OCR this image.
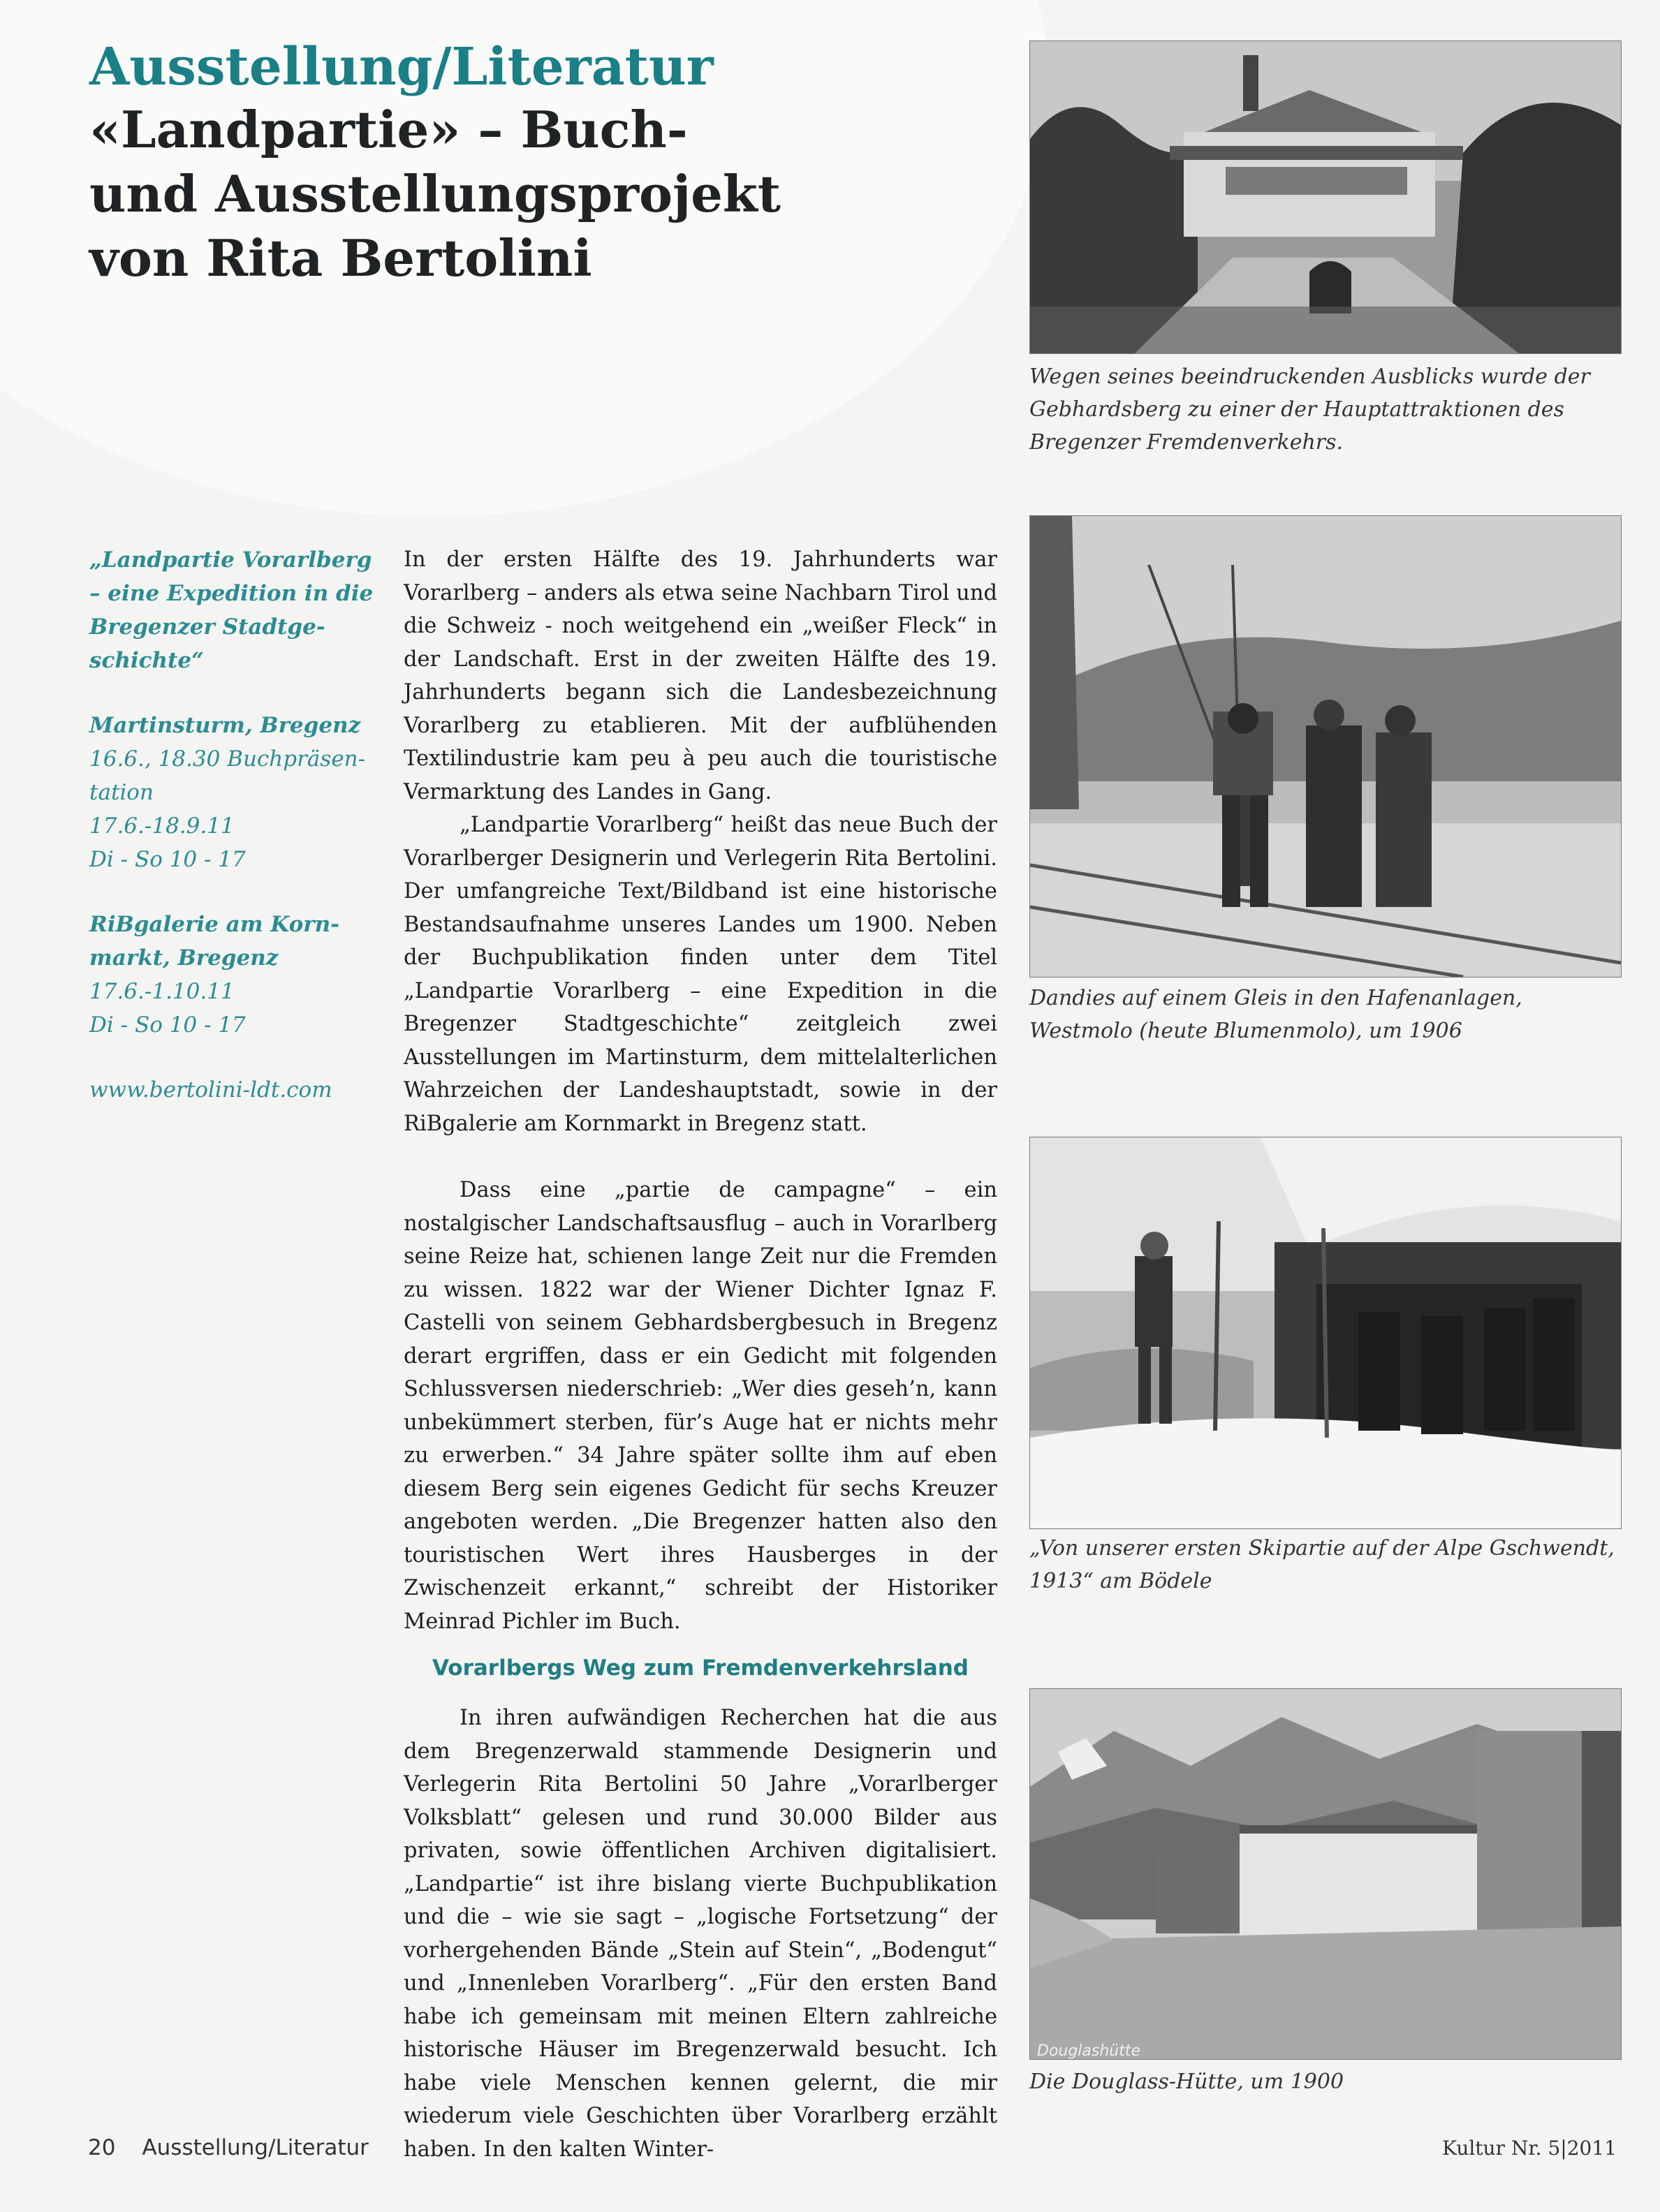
Ausstellung/Literatur
«Landpartie» – Buch-
und Ausstellungsprojekt
von Rita Bertolini
„Landpartie Vorarlberg
– eine Expedition in die
Bregenzer Stadtge-
schichte“
Martinsturm, Bregenz
16.6., 18.30 Buchpräsen-
tation
17.6.-18.9.11
Di - So 10 - 17
RiBgalerie am Korn-
markt, Bregenz
17.6.-1.10.11
Di - So 10 - 17
www.bertolini-ldt.com

In der ersten Hälfte des 19. Jahrhunderts war Vorarlberg – anders als etwa seine Nachbarn Tirol und die Schweiz - noch weitgehend ein „weißer Fleck“ in der Landschaft. Erst in der zweiten Hälfte des 19. Jahrhunderts begann sich die Landesbezeichnung Vorarlberg zu etablieren. Mit der aufblühenden Textilindustrie kam peu à peu auch die touristische Vermarktung des Landes in Gang.

„Landpartie Vorarlberg“ heißt das neue Buch der Vorarlberger Designerin und Verlegerin Rita Bertolini. Der umfangreiche Text/Bildband ist eine historische Bestandsaufnahme unseres Landes um 1900. Neben der Buchpublikation finden unter dem Titel „Landpartie Vorarlberg – eine Expedition in die Bregenzer Stadtgeschichte“ zeitgleich zwei Ausstellungen im Martinsturm, dem mittelalterlichen Wahrzeichen der Landeshauptstadt, sowie in der RiBgalerie am Kornmarkt in Bregenz statt.

Dass eine „partie de campagne“ – ein nostalgischer Landschaftsausflug – auch in Vorarlberg seine Reize hat, schienen lange Zeit nur die Fremden zu wissen. 1822 war der Wiener Dichter Ignaz F. Castelli von seinem Gebhardsbergbesuch in Bregenz derart ergriffen, dass er ein Gedicht mit folgenden Schlussversen niederschrieb: „Wer dies geseh’n, kann unbekümmert sterben, für’s Auge hat er nichts mehr zu erwerben.“ 34 Jahre später sollte ihm auf eben diesem Berg sein eigenes Gedicht für sechs Kreuzer angeboten werden. „Die Bregenzer hatten also den touristischen Wert ihres Hausberges in der Zwischenzeit erkannt,“ schreibt der Historiker Meinrad Pichler im Buch.

Vorarlbergs Weg zum Fremdenverkehrsland

In ihren aufwändigen Recherchen hat die aus dem Bregenzerwald stammende Designerin und Verlegerin Rita Bertolini 50 Jahre „Vorarlberger Volksblatt“ gelesen und rund 30.000 Bilder aus privaten, sowie öffentlichen Archiven digitalisiert. „Landpartie“ ist ihre bislang vierte Buchpublikation und die – wie sie sagt – „logische Fortsetzung“ der vorhergehenden Bände „Stein auf Stein“, „Bodengut“ und „Innenleben Vorarlberg“. „Für den ersten Band habe ich gemeinsam mit meinen Eltern zahlreiche historische Häuser im Bregenzerwald besucht. Ich habe viele Menschen kennen gelernt, die mir wiederum viele Geschichten über Vorarlberg erzählt haben. In den kalten Winter-

Wegen seines beeindruckenden Ausblicks wurde der Gebhardsberg zu einer der Hauptattraktionen des Bregenzer Fremdenverkehrs.
Dandies auf einem Gleis in den Hafenanlagen, Westmolo (heute Blumenmolo), um 1906
„Von unserer ersten Skipartie auf der Alpe Gschwendt, 1913“ am Bödele
Douglashütte
Die Douglass-Hütte, um 1900
20 Ausstellung/Literatur	Kultur Nr. 5|2011
